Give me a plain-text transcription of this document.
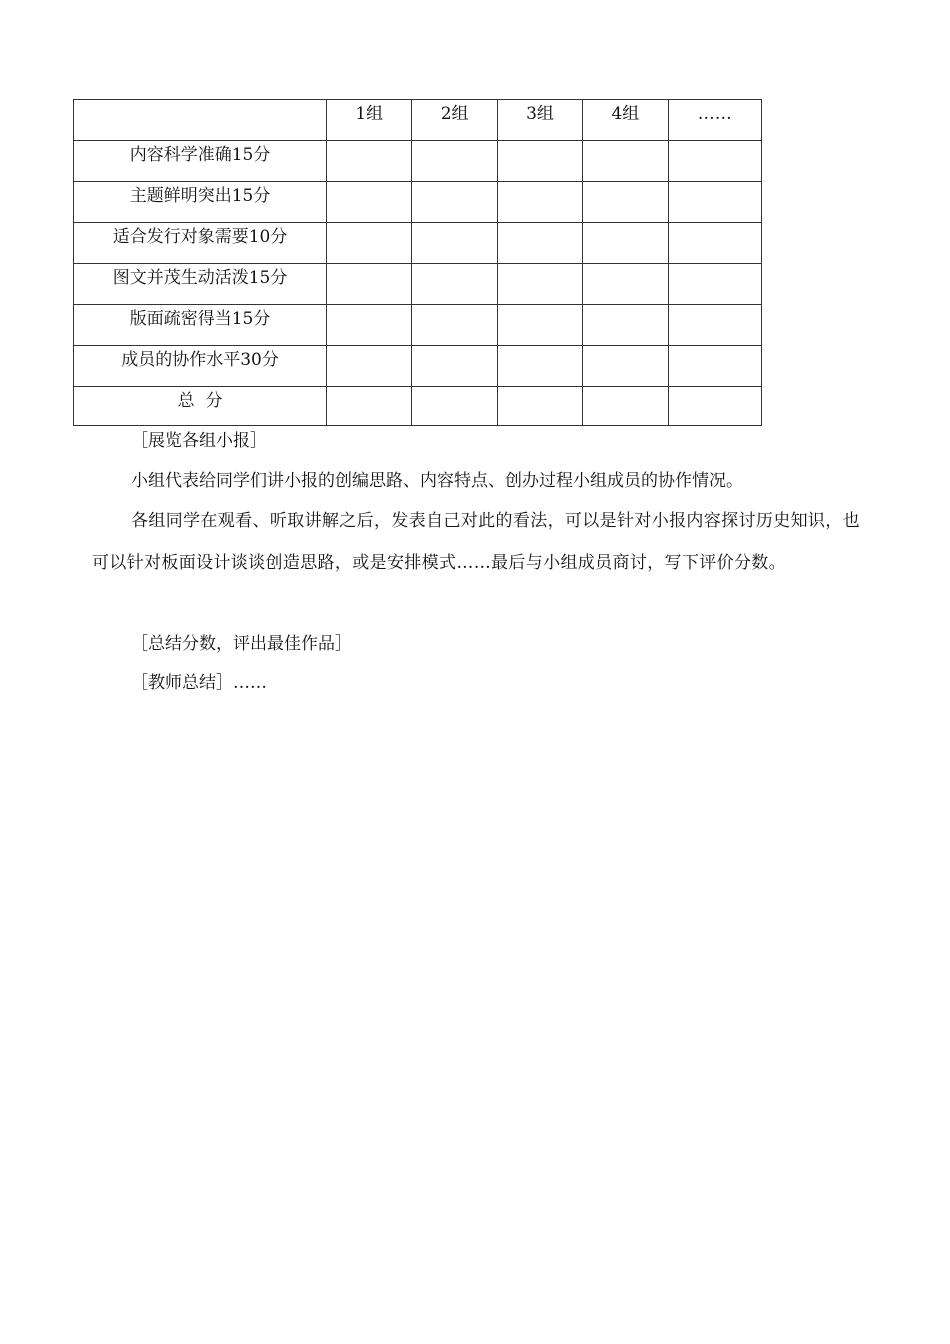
	1组	2组	3组	4组	……
内容科学准确15分					
主题鲜明突出15分					
适合发行对象需要10分					
图文并茂生动活泼15分					
版面疏密得当15分					
成员的协作水平30分					
总  分					

［展览各组小报］

小组代表给同学们讲小报的创编思路、内容特点、创办过程小组成员的协作情况。

各组同学在观看、听取讲解之后，发表自己对此的看法，可以是针对小报内容探讨历史知识，也可以针对板面设计谈谈创造思路，或是安排模式……最后与小组成员商讨，写下评价分数。

［总结分数，评出最佳作品］

［教师总结］……
